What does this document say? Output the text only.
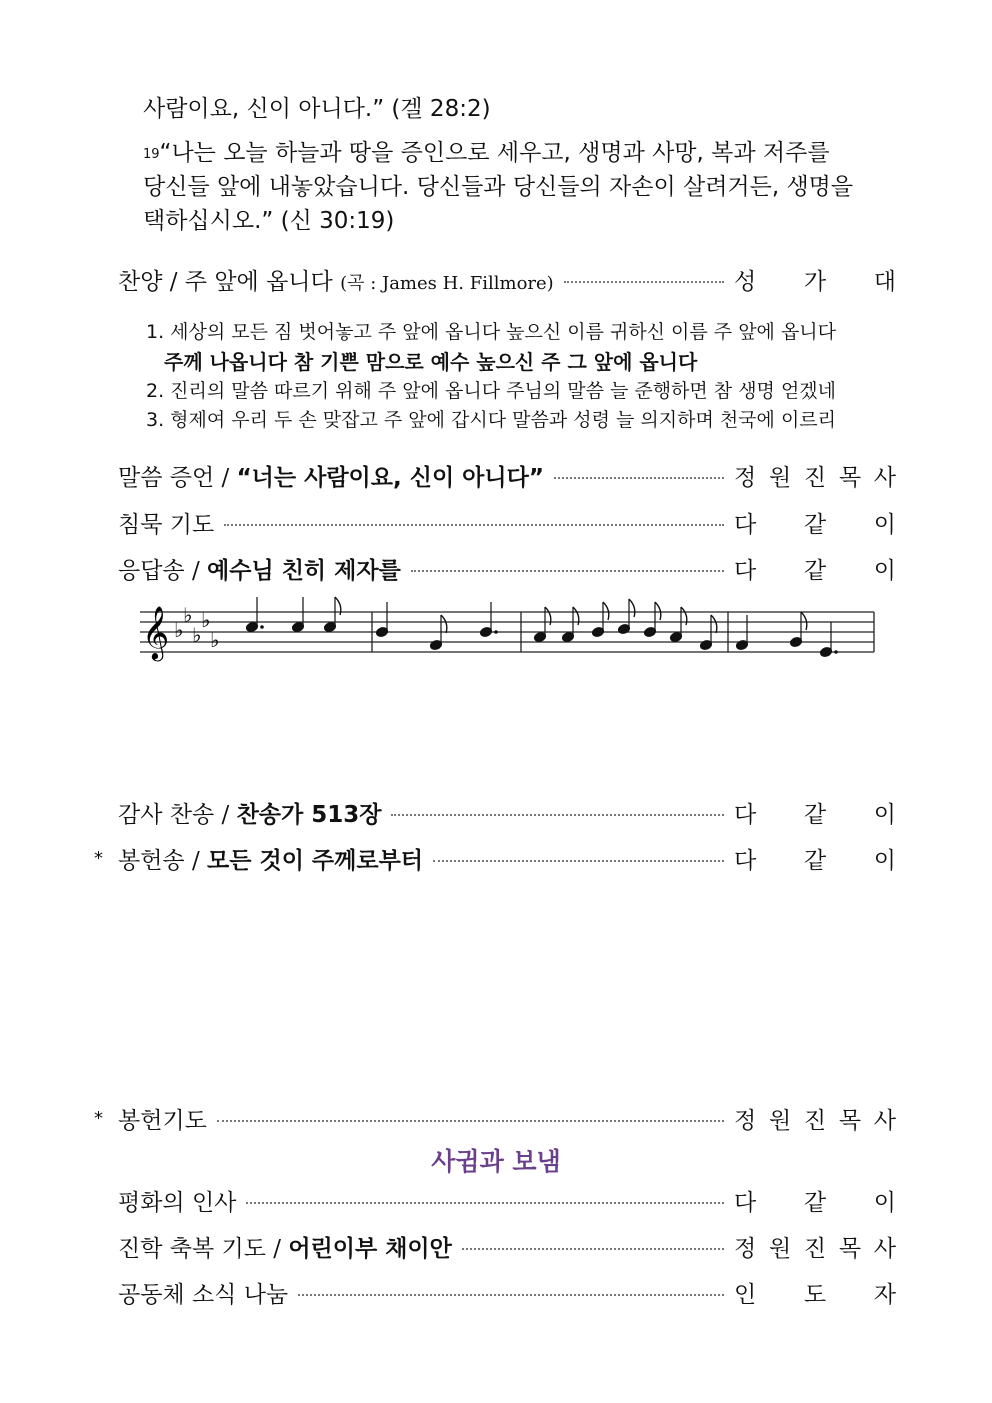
사람이요, 신이 아니다.” (겔 28:2)
$^{19}$“나는 오늘 하늘과 땅을 증인으로 세우고, 생명과 사망, 복과 저주를
당신들 앞에 내놓았습니다. 당신들과 당신들의 자손이 살려거든, 생명을
택하십시오.” (신 30:19)
찬양 / 주 앞에 옵니다 (곡 : James H. Fillmore)	성 가 대
1. 세상의 모든 짐 벗어놓고 주 앞에 옵니다 높으신 이름 귀하신 이름 주 앞에 옵니다
주께 나옵니다 참 기쁜 맘으로 예수 높으신 주 그 앞에 옵니다
2. 진리의 말씀 따르기 위해 주 앞에 옵니다 주님의 말씀 늘 준행하면 참 생명 얻겠네
3. 형제여 우리 두 손 맞잡고 주 앞에 갑시다 말씀과 성령 늘 의지하며 천국에 이르리
말씀 증언 / “너는 사람이요, 신이 아니다”	정 원 진 목 사
침묵 기도	다 같 이
응답송 / 예수님 친히 제자를	다 같 이
감사 찬송 / 찬송가 513장	다 같 이
* 봉헌송 / 모든 것이 주께로부터	다 같 이
* 봉헌기도	정 원 진 목 사
사귐과 보냄
평화의 인사	다 같 이
진학 축복 기도 / 어린이부 채이안	정 원 진 목 사
공동체 소식 나눔	인 도 자
𝄞 ♭
♭
♭
♭
♭
